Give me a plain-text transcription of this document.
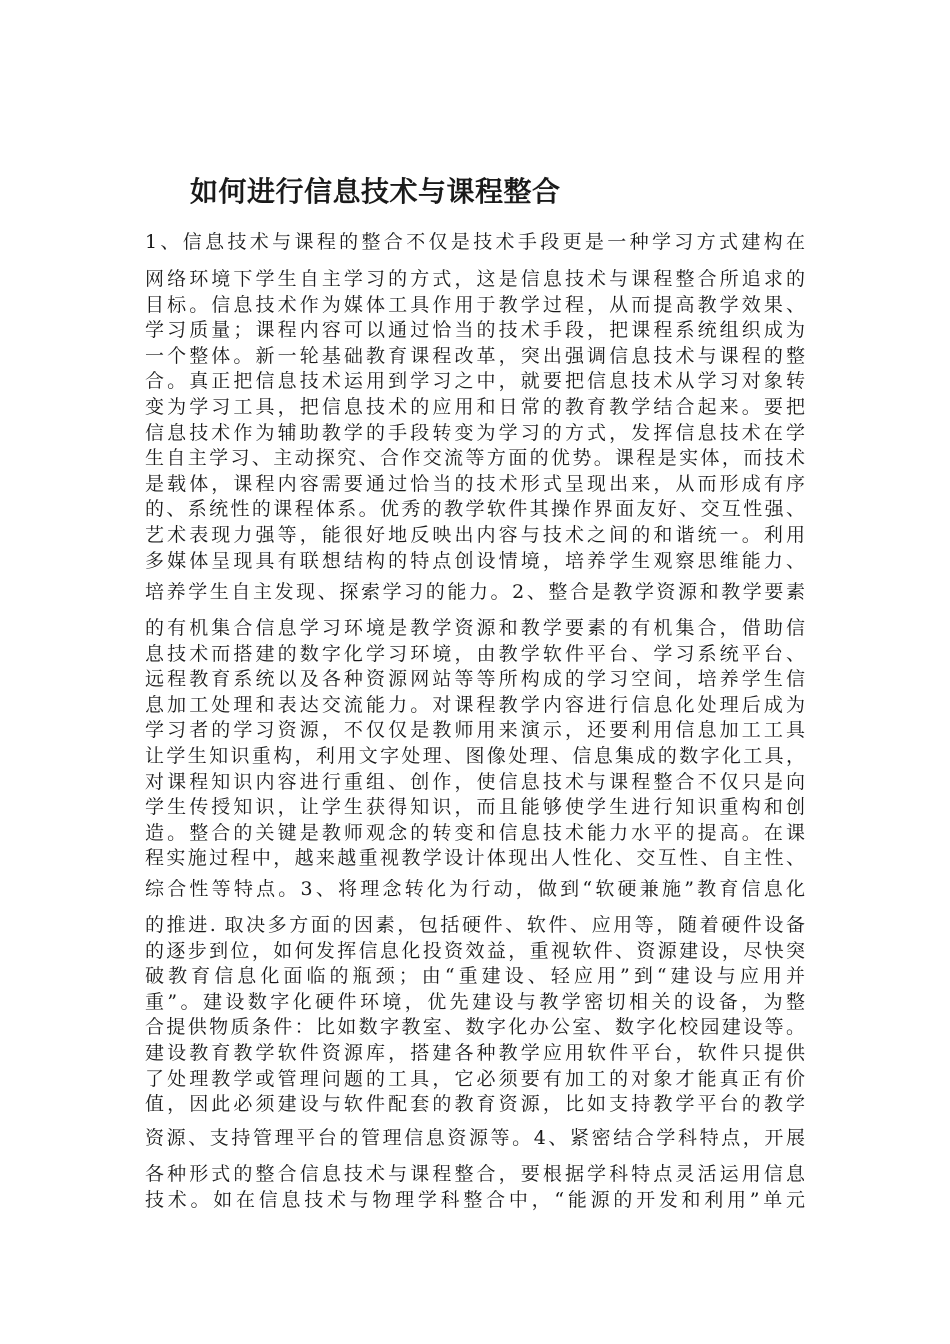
如何进行信息技术与课程整合
1、信息技术与课程的整合不仅是技术手段更是一种学习方式建构在
网络环境下学生自主学习的方式，这是信息技术与课程整合所追求的
目标。信息技术作为媒体工具作用于教学过程，从而提高教学效果、
学习质量；课程内容可以通过恰当的技术手段，把课程系统组织成为
一个整体。新一轮基础教育课程改革，突出强调信息技术与课程的整
合。真正把信息技术运用到学习之中，就要把信息技术从学习对象转
变为学习工具，把信息技术的应用和日常的教育教学结合起来。要把
信息技术作为辅助教学的手段转变为学习的方式，发挥信息技术在学
生自主学习、主动探究、合作交流等方面的优势。课程是实体，而技术
是载体，课程内容需要通过恰当的技术形式呈现出来，从而形成有序
的、系统性的课程体系。优秀的教学软件其操作界面友好、交互性强、
艺术表现力强等，能很好地反映出内容与技术之间的和谐统一。利用
多媒体呈现具有联想结构的特点创设情境，培养学生观察思维能力、
培养学生自主发现、探索学习的能力。2、整合是教学资源和教学要素
的有机集合信息学习环境是教学资源和教学要素的有机集合，借助信
息技术而搭建的数字化学习环境，由教学软件平台、学习系统平台、
远程教育系统以及各种资源网站等等所构成的学习空间，培养学生信
息加工处理和表达交流能力。对课程教学内容进行信息化处理后成为
学习者的学习资源，不仅仅是教师用来演示，还要利用信息加工工具
让学生知识重构，利用文字处理、图像处理、信息集成的数字化工具，
对课程知识内容进行重组、创作，使信息技术与课程整合不仅只是向
学生传授知识，让学生获得知识，而且能够使学生进行知识重构和创
造。整合的关键是教师观念的转变和信息技术能力水平的提高。在课
程实施过程中，越来越重视教学设计体现出人性化、交互性、自主性、
综合性等特点。3、将理念转化为行动，做到“软硬兼施”教育信息化
的推进. 取决多方面的因素，包括硬件、软件、应用等，随着硬件设备
的逐步到位，如何发挥信息化投资效益，重视软件、资源建设，尽快突
破教育信息化面临的瓶颈；由“重建设、轻应用”到“建设与应用并
重”。建设数字化硬件环境，优先建设与教学密切相关的设备，为整
合提供物质条件：比如数字教室、数字化办公室、数字化校园建设等。
建设教育教学软件资源库，搭建各种教学应用软件平台，软件只提供
了处理教学或管理问题的工具，它必须要有加工的对象才能真正有价
值，因此必须建设与软件配套的教育资源，比如支持教学平台的教学
资源、支持管理平台的管理信息资源等。4、紧密结合学科特点，开展
各种形式的整合信息技术与课程整合，要根据学科特点灵活运用信息
技术。如在信息技术与物理学科整合中，“能源的开发和利用”单元
